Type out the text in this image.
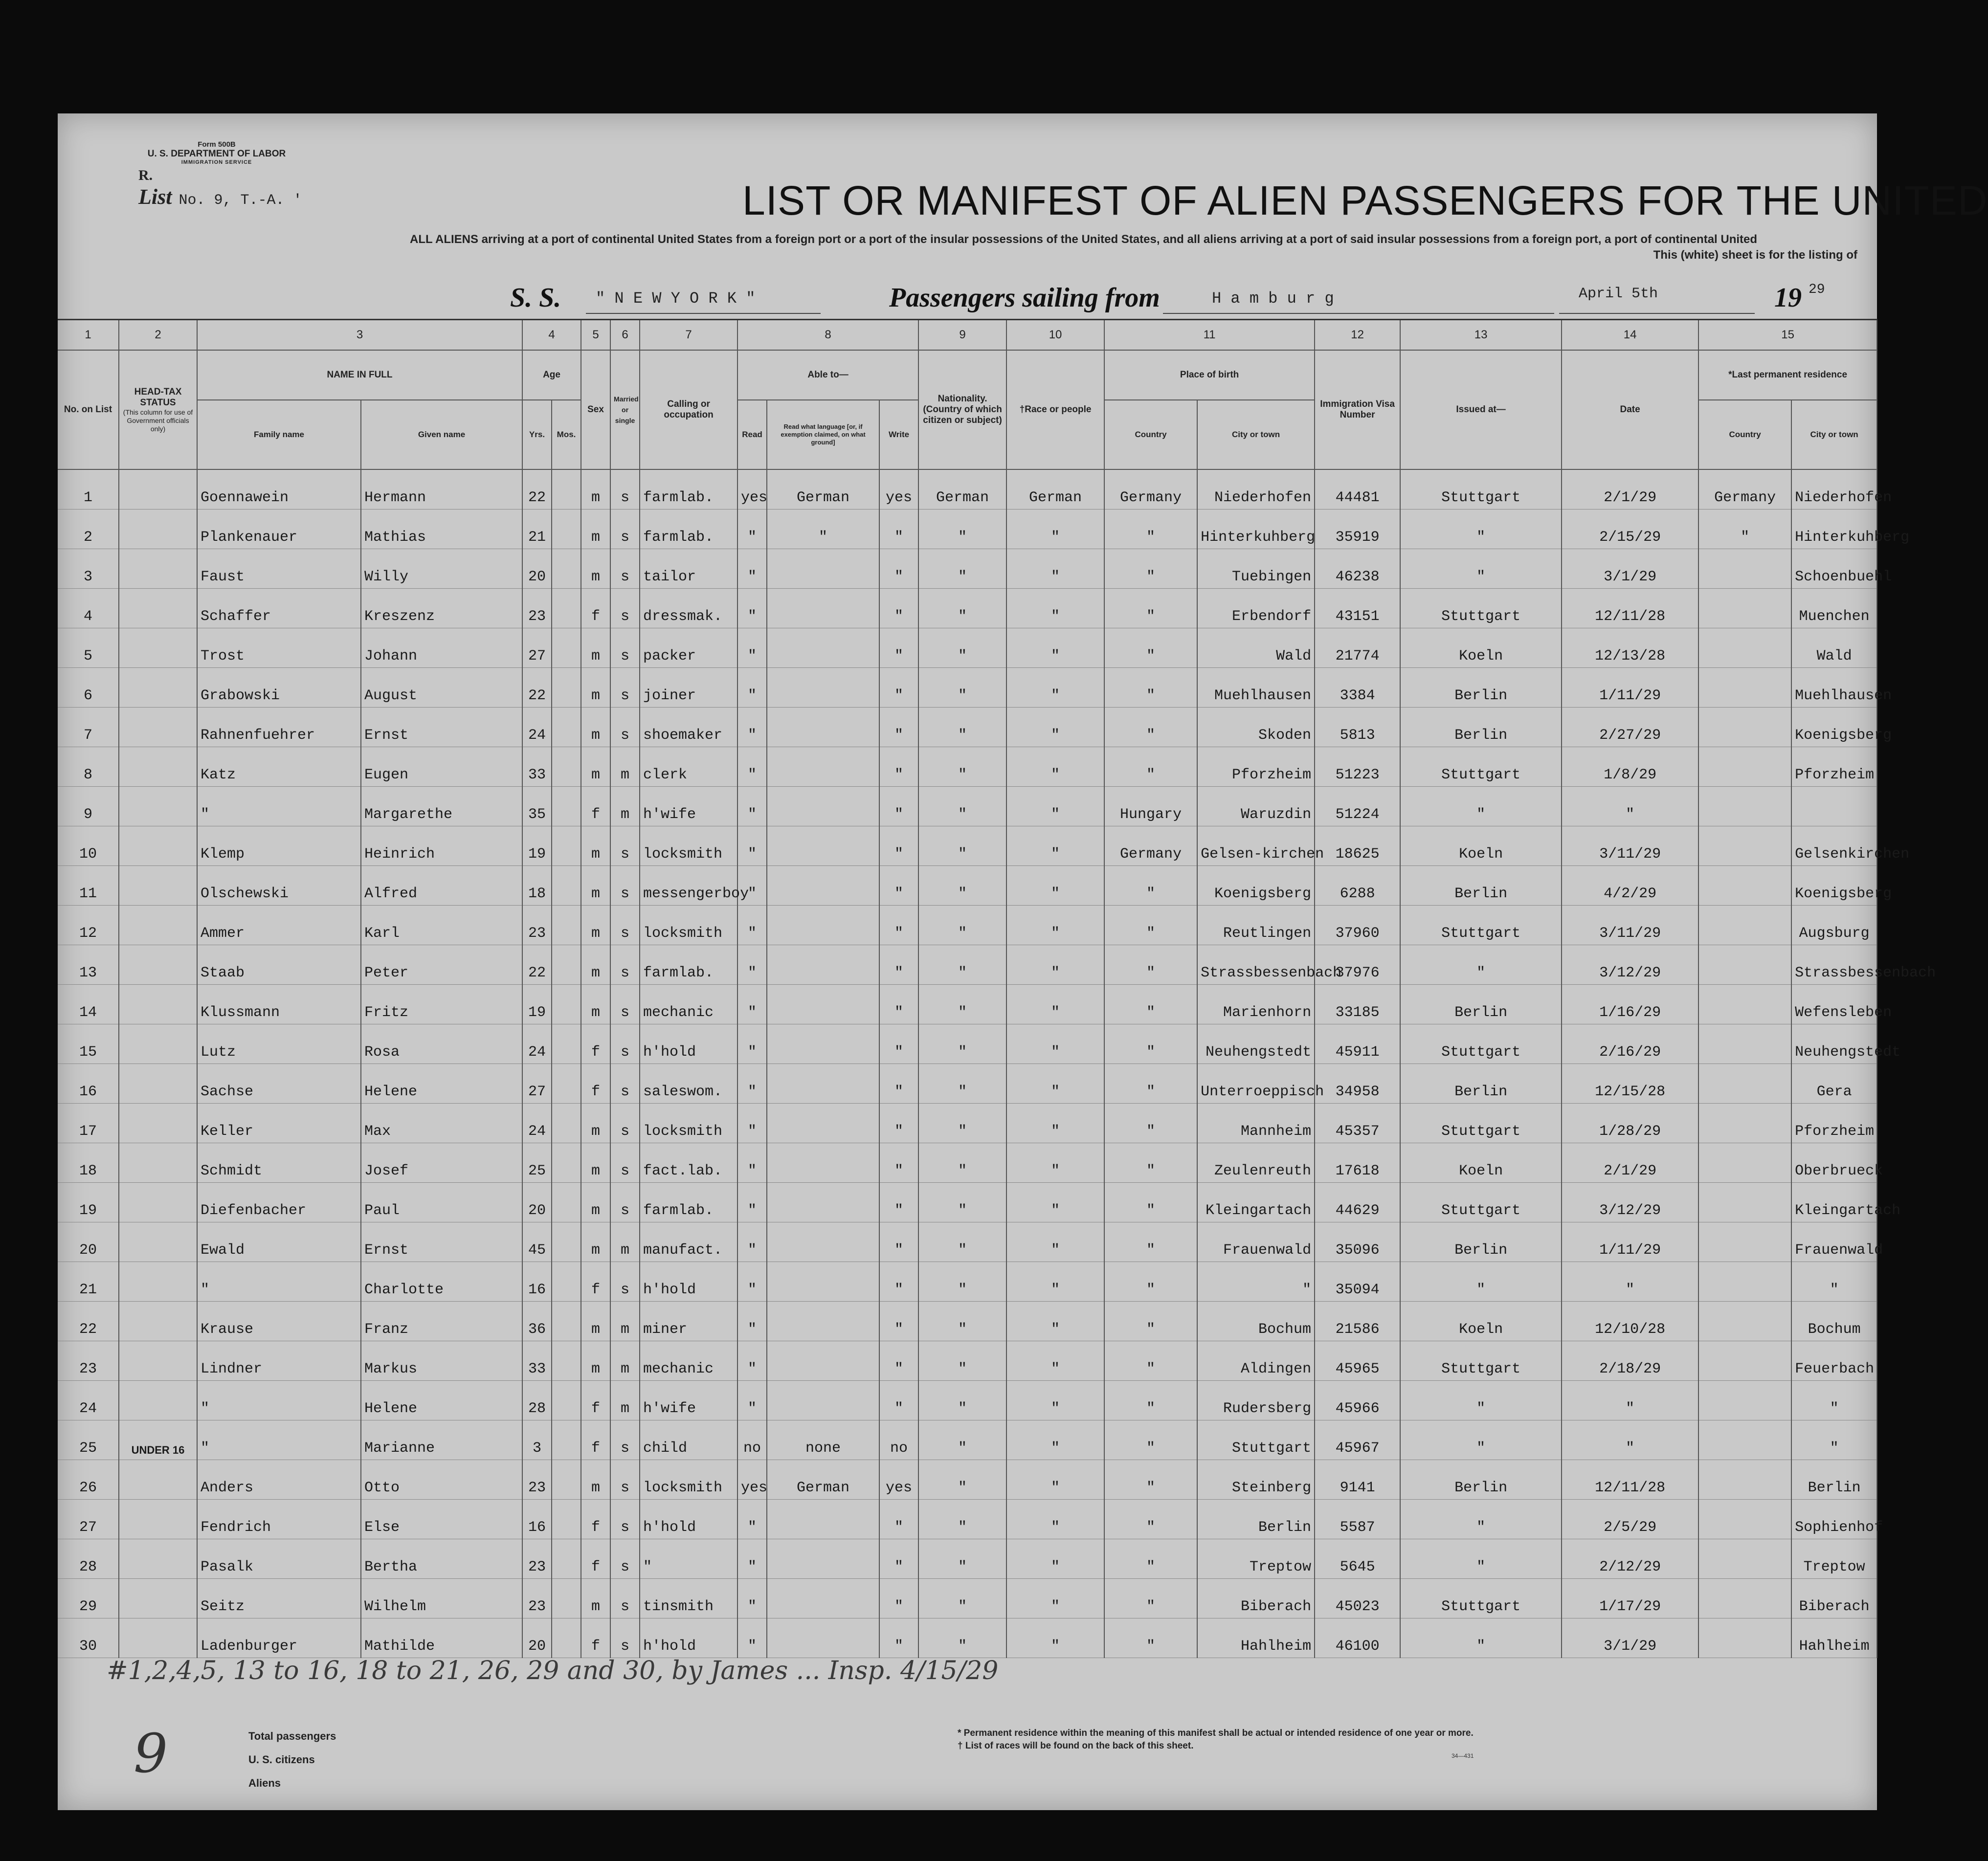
Form 500B
U. S. DEPARTMENT OF LABOR
IMMIGRATION SERVICE
R.
List No. 9, T.-A. '	LIST OR MANIFEST OF ALIEN PASSENGERS FOR THE UNITED
ALL ALIENS arriving at a port of continental United States from a foreign port or a port of the insular possessions of the United States, and all aliens arriving at a port of said insular possessions from a foreign port, a port of continental United
This (white) sheet is for the listing of
S. S. " N E W Y O R K "	Passengers sailing from	H a m b u r g	April 5th	19 29
1	2	3		4		5	6	7	8			9	10	11		12	13	14	15	
No. on List	HEAD-TAX STATUS
(This column for use of Government officials only)	NAME IN FULL		Age		Sex	Married or single	Calling or occupation	Able to—			Nationality. (Country of which citizen or subject)	†Race or people	Place of birth		Immigration Visa Number	Issued at—	Date	*Last permanent residence	
		Family name	Given name	Yrs.	Mos.				Read	Read what language [or, if exemption claimed, on what ground]	Write			Country	City or town				Country	City or town
1		Goennawein	Hermann	22		m	s	farmlab.	yes	German	yes	German	German	Germany	Niederhofen	44481	Stuttgart	2/1/29	Germany	Niederhofen
2		Plankenauer	Mathias	21		m	s	farmlab.	"	"	"	"	"	"	Hinterkuhberg	35919	"	2/15/29	"	Hinterkuhberg
3		Faust	Willy	20		m	s	tailor	"		"	"	"	"	Tuebingen	46238	"	3/1/29		Schoenbuehl
4		Schaffer	Kreszenz	23		f	s	dressmak.	"		"	"	"	"	Erbendorf	43151	Stuttgart	12/11/28		Muenchen
5		Trost	Johann	27		m	s	packer	"		"	"	"	"	Wald	21774	Koeln	12/13/28		Wald
6		Grabowski	August	22		m	s	joiner	"		"	"	"	"	Muehlhausen	3384	Berlin	1/11/29		Muehlhausen
7		Rahnenfuehrer	Ernst	24		m	s	shoemaker	"		"	"	"	"	Skoden	5813	Berlin	2/27/29		Koenigsberg
8		Katz	Eugen	33		m	m	clerk	"		"	"	"	"	Pforzheim	51223	Stuttgart	1/8/29		Pforzheim
9		"	Margarethe	35		f	m	h'wife	"		"	"	"	Hungary	Waruzdin	51224	"	"		
10		Klemp	Heinrich	19		m	s	locksmith	"		"	"	"	Germany	Gelsen-kirchen	18625	Koeln	3/11/29		Gelsenkirchen
11		Olschewski	Alfred	18		m	s	messengerboy	"		"	"	"	"	Koenigsberg	6288	Berlin	4/2/29		Koenigsberg
12		Ammer	Karl	23		m	s	locksmith	"		"	"	"	"	Reutlingen	37960	Stuttgart	3/11/29		Augsburg
13		Staab	Peter	22		m	s	farmlab.	"		"	"	"	"	Strassbessenbach	37976	"	3/12/29		Strassbessenbach
14		Klussmann	Fritz	19		m	s	mechanic	"		"	"	"	"	Marienhorn	33185	Berlin	1/16/29		Wefensleben
15		Lutz	Rosa	24		f	s	h'hold	"		"	"	"	"	Neuhengstedt	45911	Stuttgart	2/16/29		Neuhengstedt
16		Sachse	Helene	27		f	s	saleswom.	"		"	"	"	"	Unterroeppisch	34958	Berlin	12/15/28		Gera
17		Keller	Max	24		m	s	locksmith	"		"	"	"	"	Mannheim	45357	Stuttgart	1/28/29		Pforzheim
18		Schmidt	Josef	25		m	s	fact.lab.	"		"	"	"	"	Zeulenreuth	17618	Koeln	2/1/29		Oberbrueck
19		Diefenbacher	Paul	20		m	s	farmlab.	"		"	"	"	"	Kleingartach	44629	Stuttgart	3/12/29		Kleingartach
20		Ewald	Ernst	45		m	m	manufact.	"		"	"	"	"	Frauenwald	35096	Berlin	1/11/29		Frauenwald
21		"	Charlotte	16		f	s	h'hold	"		"	"	"	"	"	35094	"	"		"
22		Krause	Franz	36		m	m	miner	"		"	"	"	"	Bochum	21586	Koeln	12/10/28		Bochum
23		Lindner	Markus	33		m	m	mechanic	"		"	"	"	"	Aldingen	45965	Stuttgart	2/18/29		Feuerbach
24		"	Helene	28		f	m	h'wife	"		"	"	"	"	Rudersberg	45966	"	"		"
25	UNDER 16	"	Marianne	3		f	s	child	no	none	no	"	"	"	Stuttgart	45967	"	"		"
26		Anders	Otto	23		m	s	locksmith	yes	German	yes	"	"	"	Steinberg	9141	Berlin	12/11/28		Berlin
27		Fendrich	Else	16		f	s	h'hold	"		"	"	"	"	Berlin	5587	"	2/5/29		Sophienhof
28		Pasalk	Bertha	23		f	s	"	"		"	"	"	"	Treptow	5645	"	2/12/29		Treptow
29		Seitz	Wilhelm	23		m	s	tinsmith	"		"	"	"	"	Biberach	45023	Stuttgart	1/17/29		Biberach
30		Ladenburger	Mathilde	20		f	s	h'hold	"		"	"	"	"	Hahlheim	46100	"	3/1/29		Hahlheim
#1,2,4,5, 13 to 16, 18 to 21, 26, 29 and 30, by James ... Insp. 4/15/29
Total passengers
U. S. citizens
Aliens
* Permanent residence within the meaning of this manifest shall be actual or intended residence of one year or more.
† List of races will be found on the back of this sheet.
34—431
9
